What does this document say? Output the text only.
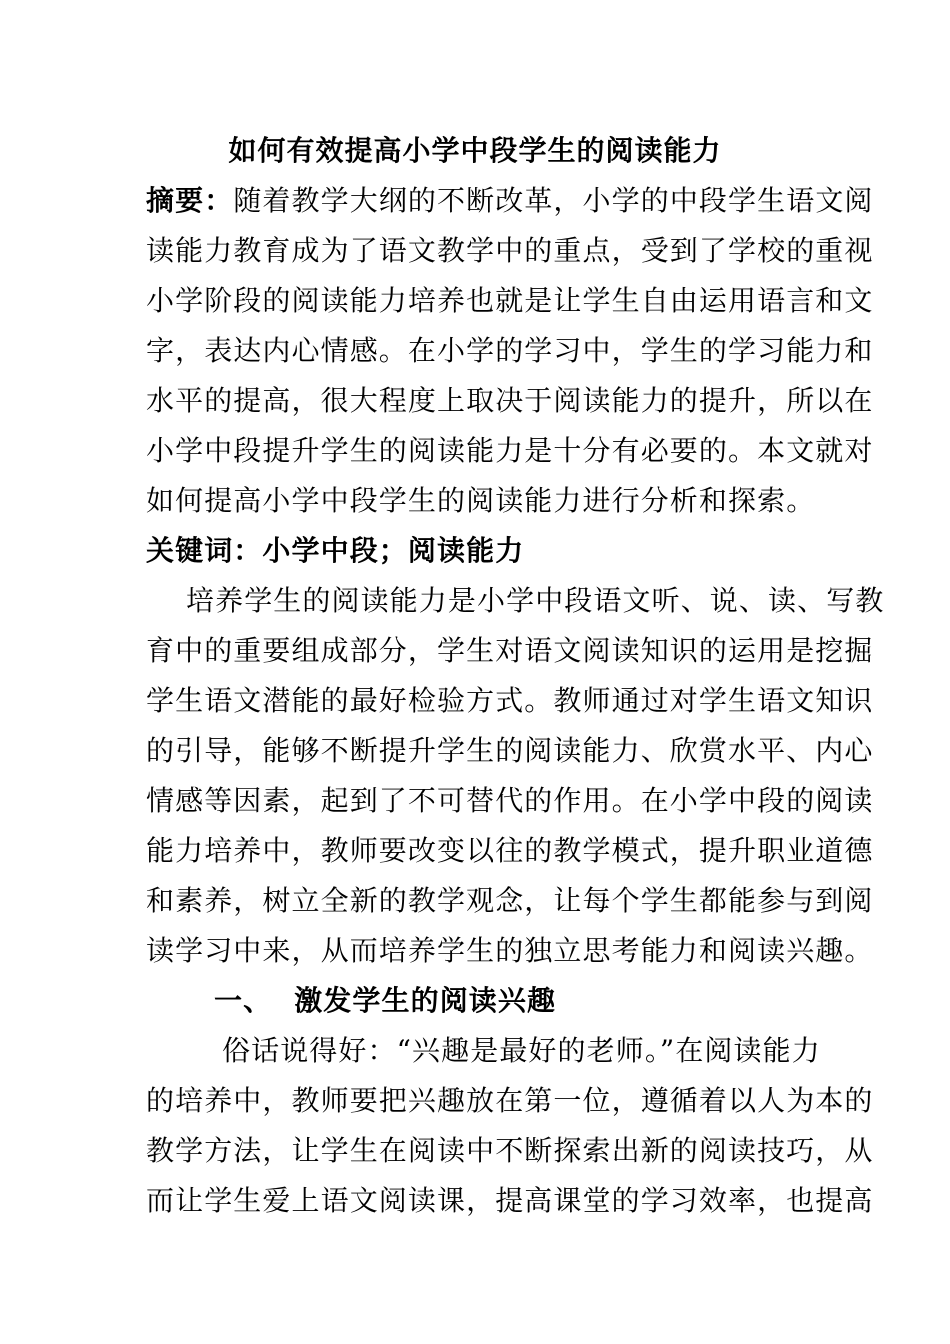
如何有效提高小学中段学生的阅读能力
摘要：随着教学大纲的不断改革，小学的中段学生语文阅
读能力教育成为了语文教学中的重点，受到了学校的重视
小学阶段的阅读能力培养也就是让学生自由运用语言和文
字，表达内心情感。在小学的学习中，学生的学习能力和
水平的提高，很大程度上取决于阅读能力的提升，所以在
小学中段提升学生的阅读能力是十分有必要的。本文就对
如何提高小学中段学生的阅读能力进行分析和探索。
关键词：小学中段；阅读能力
培养学生的阅读能力是小学中段语文听、说、读、写教
育中的重要组成部分，学生对语文阅读知识的运用是挖掘
学生语文潜能的最好检验方式。教师通过对学生语文知识
的引导，能够不断提升学生的阅读能力、欣赏水平、内心
情感等因素，起到了不可替代的作用。在小学中段的阅读
能力培养中，教师要改变以往的教学模式，提升职业道德
和素养，树立全新的教学观念，让每个学生都能参与到阅
读学习中来，从而培养学生的独立思考能力和阅读兴趣。
一、 激发学生的阅读兴趣
俗话说得好：“兴趣是最好的老师。”在阅读能力
的培养中，教师要把兴趣放在第一位，遵循着以人为本的
教学方法，让学生在阅读中不断探索出新的阅读技巧，从
而让学生爱上语文阅读课，提高课堂的学习效率，也提高
